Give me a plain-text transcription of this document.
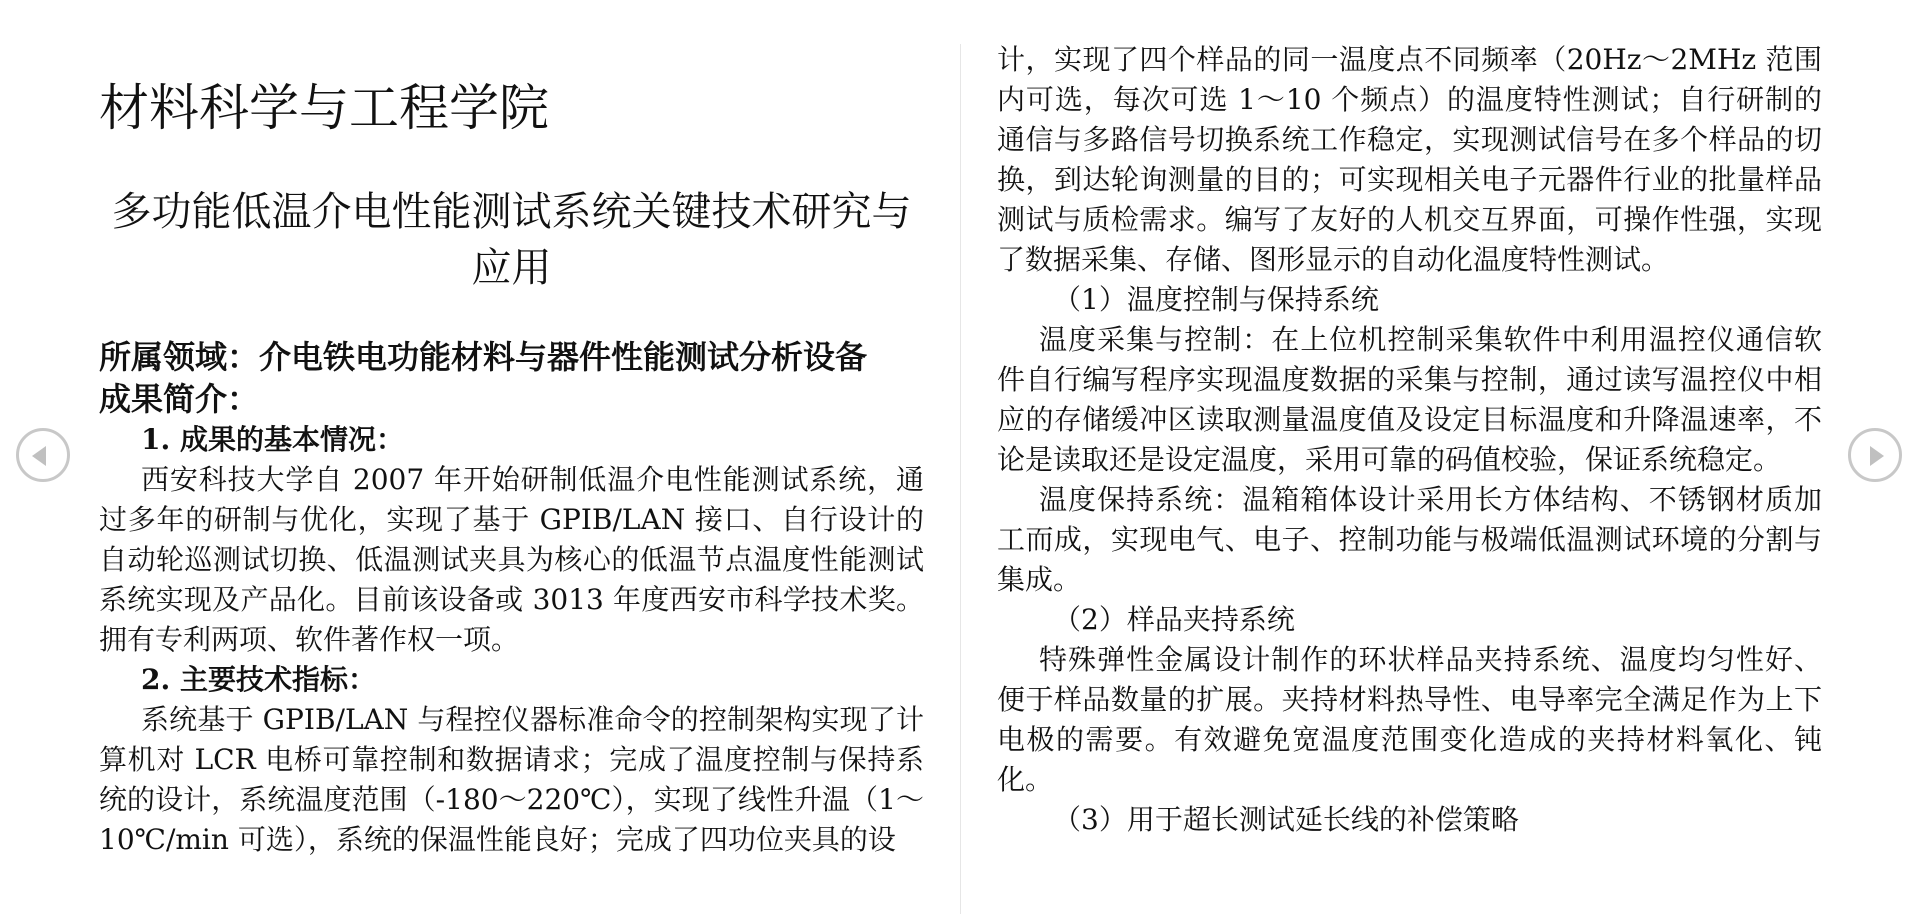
材料科学与工程学院
多功能低温介电性能测试系统关键技术研究与应用

所属领域：介电铁电功能材料与器件性能测试分析设备

成果简介：

1. 成果的基本情况：

西安科技大学自 2007 年开始研制低温介电性能测试系统，通过多年的研制与优化，实现了基于 GPIB/LAN 接口、自行设计的自动轮巡测试切换、低温测试夹具为核心的低温节点温度性能测试系统实现及产品化。目前该设备或 3013 年度西安市科学技术奖。拥有专利两项、软件著作权一项。

2. 主要技术指标：

系统基于 GPIB/LAN 与程控仪器标准命令的控制架构实现了计算机对 LCR 电桥可靠控制和数据请求；完成了温度控制与保持系统的设计，系统温度范围（-180～220℃），实现了线性升温（1～10℃/min 可选），系统的保温性能良好；完成了四功位夹具的设

计，实现了四个样品的同一温度点不同频率（20Hz～2MHz 范围内可选，每次可选 1～10 个频点）的温度特性测试；自行研制的通信与多路信号切换系统工作稳定，实现测试信号在多个样品的切换，到达轮询测量的目的；可实现相关电子元器件行业的批量样品测试与质检需求。编写了友好的人机交互界面，可操作性强，实现了数据采集、存储、图形显示的自动化温度特性测试。

（1）温度控制与保持系统

温度采集与控制：在上位机控制采集软件中利用温控仪通信软件自行编写程序实现温度数据的采集与控制，通过读写温控仪中相应的存储缓冲区读取测量温度值及设定目标温度和升降温速率，不论是读取还是设定温度，采用可靠的码值校验，保证系统稳定。

温度保持系统：温箱箱体设计采用长方体结构、不锈钢材质加工而成，实现电气、电子、控制功能与极端低温测试环境的分割与集成。

（2）样品夹持系统

特殊弹性金属设计制作的环状样品夹持系统、温度均匀性好、便于样品数量的扩展。夹持材料热导性、电导率完全满足作为上下电极的需要。有效避免宽温度范围变化造成的夹持材料氧化、钝化。

（3）用于超长测试延长线的补偿策略
